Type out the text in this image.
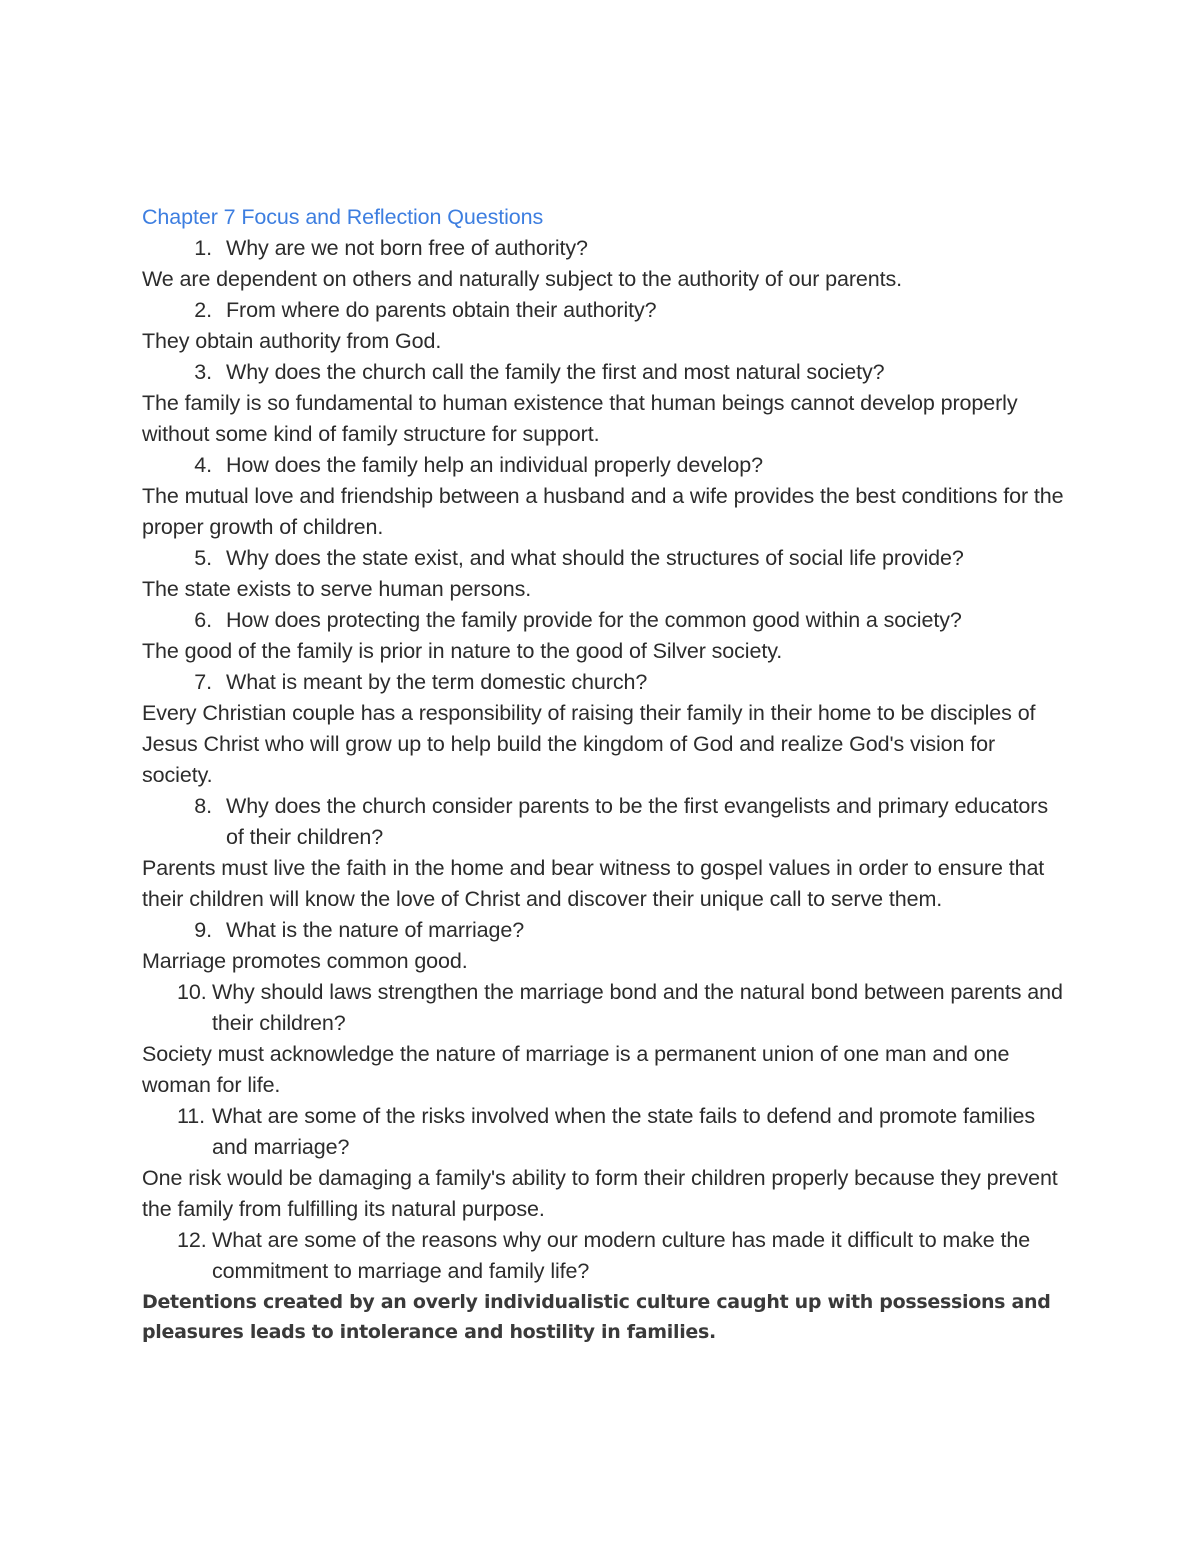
Chapter 7 Focus and Reflection Questions

1. Why are we not born free of authority?

We are dependent on others and naturally subject to the authority of our parents.

2. From where do parents obtain their authority?

They obtain authority from God.

3. Why does the church call the family the first and most natural society?

The family is so fundamental to human existence that human beings cannot develop properly without some kind of family structure for support.

4. How does the family help an individual properly develop?

The mutual love and friendship between a husband and a wife provides the best conditions for the proper growth of children.

5. Why does the state exist, and what should the structures of social life provide?

The state exists to serve human persons.

6. How does protecting the family provide for the common good within a society?

The good of the family is prior in nature to the good of Silver society.

7. What is meant by the term domestic church?

Every Christian couple has a responsibility of raising their family in their home to be disciples of Jesus Christ who will grow up to help build the kingdom of God and realize God's vision for society.

8. Why does the church consider parents to be the first evangelists and primary educators of their children?

Parents must live the faith in the home and bear witness to gospel values in order to ensure that their children will know the love of Christ and discover their unique call to serve them.

9. What is the nature of marriage?

Marriage promotes common good.

10. Why should laws strengthen the marriage bond and the natural bond between parents and their children?

Society must acknowledge the nature of marriage is a permanent union of one man and one woman for life.

11. What are some of the risks involved when the state fails to defend and promote families and marriage?

One risk would be damaging a family's ability to form their children properly because they prevent the family from fulfilling its natural purpose.

12. What are some of the reasons why our modern culture has made it difficult to make the commitment to marriage and family life?

Detentions created by an overly individualistic culture caught up with possessions and pleasures leads to intolerance and hostility in families.
